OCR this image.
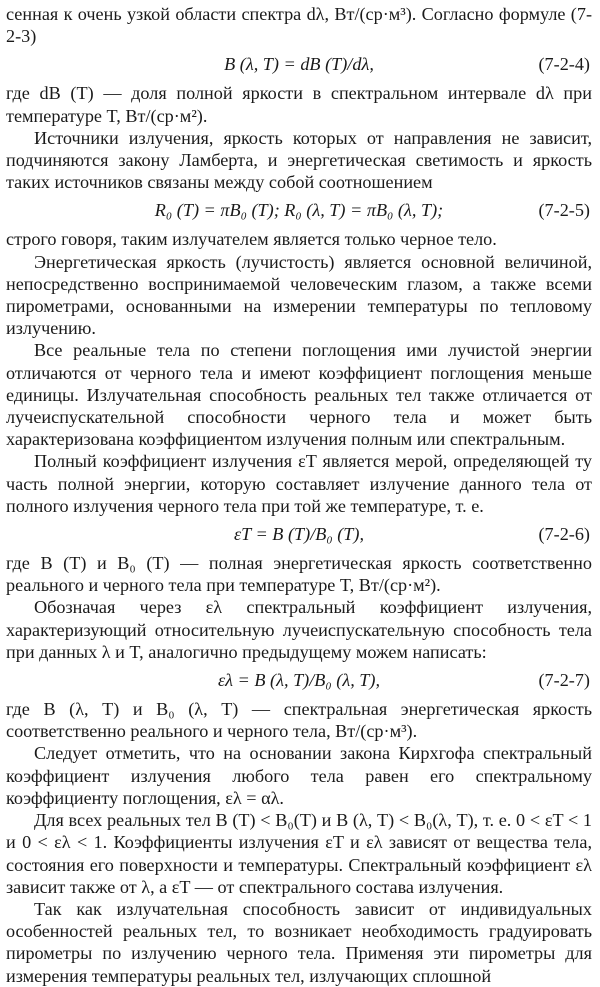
сенная к очень узкой области спектра dλ, Вт/(ср·м³). Согласно формуле (7-2-3)

B (λ, T) = dB (T)/dλ,	(7-2-4)

где dB (T) — доля полной яркости в спектральном интервале dλ при температуре T, Вт/(ср·м²).

Источники излучения, яркость которых от направления не зависит, подчиняются закону Ламберта, и энергетическая светимость и яркость таких источников связаны между собой соотношением

R₀ (T) = πB₀ (T); R₀ (λ, T) = πB₀ (λ, T);	(7-2-5)

строго говоря, таким излучателем является только черное тело.

Энергетическая яркость (лучистость) является основной величиной, непосредственно воспринимаемой человеческим глазом, а также всеми пирометрами, основанными на измерении температуры по тепловому излучению.

Все реальные тела по степени поглощения ими лучистой энергии отличаются от черного тела и имеют коэффициент поглощения меньше единицы. Излучательная способность реальных тел также отличается от лучеиспускательной способности черного тела и может быть характеризована коэффициентом излучения полным или спектральным.

Полный коэффициент излучения εT является мерой, определяющей ту часть полной энергии, которую составляет излучение данного тела от полного излучения черного тела при той же температуре, т. е.

εT = B (T)/B₀ (T),	(7-2-6)

где B (T) и B₀ (T) — полная энергетическая яркость соответственно реального и черного тела при температуре T, Вт/(ср·м²).

Обозначая через ελ спектральный коэффициент излучения, характеризующий относительную лучеиспускательную способность тела при данных λ и T, аналогично предыдущему можем написать:

ελ = B (λ, T)/B₀ (λ, T),	(7-2-7)

где B (λ, T) и B₀ (λ, T) — спектральная энергетическая яркость соответственно реального и черного тела, Вт/(ср·м³).

Следует отметить, что на основании закона Кирхгофа спектральный коэффициент излучения любого тела равен его спектральному коэффициенту поглощения, ελ = αλ.

Для всех реальных тел B (T) < B₀(T) и B (λ, T) < B₀(λ, T), т. е. 0 < εT < 1 и 0 < ελ < 1. Коэффициенты излучения εT и ελ зависят от вещества тела, состояния его поверхности и температуры. Спектральный коэффициент ελ зависит также от λ, а εT — от спектрального состава излучения.

Так как излучательная способность зависит от индивидуальных особенностей реальных тел, то возникает необходимость градуировать пирометры по излучению черного тела. Применяя эти пирометры для измерения температуры реальных тел, излучающих сплошной
